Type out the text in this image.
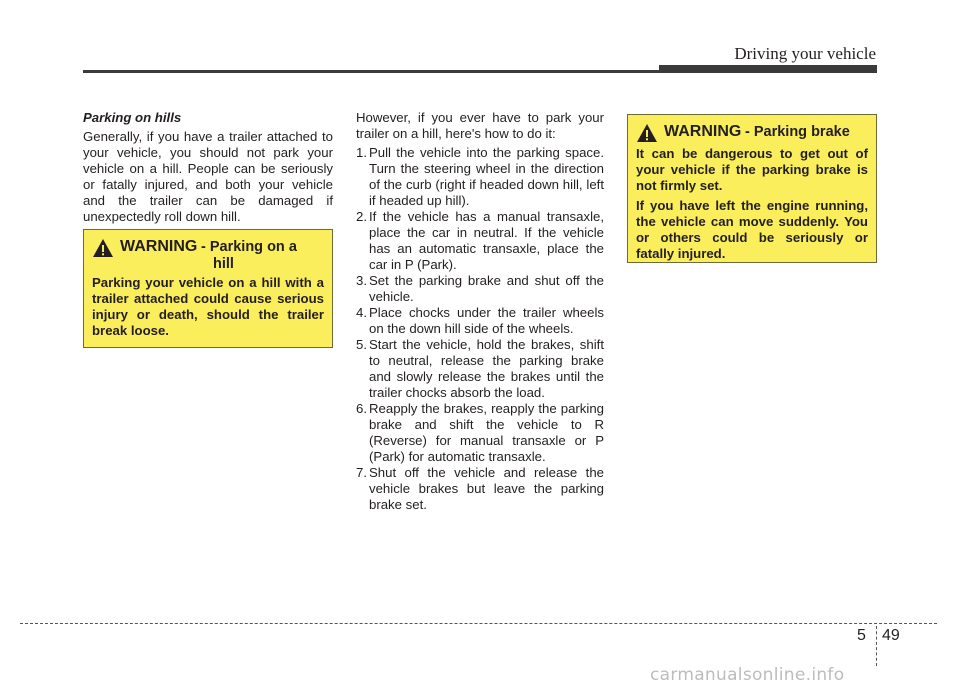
Driving your vehicle
Parking on hills

Generally, if you have a trailer attached to your vehicle, you should not park your vehicle on a hill. People can be seriously or fatally injured, and both your vehicle and the trailer can be damaged if unexpectedly roll down hill.

WARNING - Parking on a
hill

Parking your vehicle on a hill with a trailer attached could cause serious injury or death, should the trailer break loose.

However, if you ever have to park your trailer on a hill, here's how to do it:

1. Pull the vehicle into the parking space. Turn the steering wheel in the direction of the curb (right if headed down hill, left if headed up hill).
2. If the vehicle has a manual transaxle, place the car in neutral. If the vehicle has an automatic transaxle, place the car in P (Park).
3. Set the parking brake and shut off the vehicle.
4. Place chocks under the trailer wheels on the down hill side of the wheels.
5. Start the vehicle, hold the brakes, shift to neutral, release the parking brake and slowly release the brakes until the trailer chocks absorb the load.
6. Reapply the brakes, reapply the parking brake and shift the vehicle to R (Reverse) for manual transaxle or P (Park) for automatic transaxle.
7. Shut off the vehicle and release the vehicle brakes but leave the parking brake set.
WARNING - Parking brake

It can be dangerous to get out of your vehicle if the parking brake is not firmly set.

If you have left the engine running, the vehicle can move suddenly. You or others could be seriously or fatally injured.

5 49
carmanualsonline.info
